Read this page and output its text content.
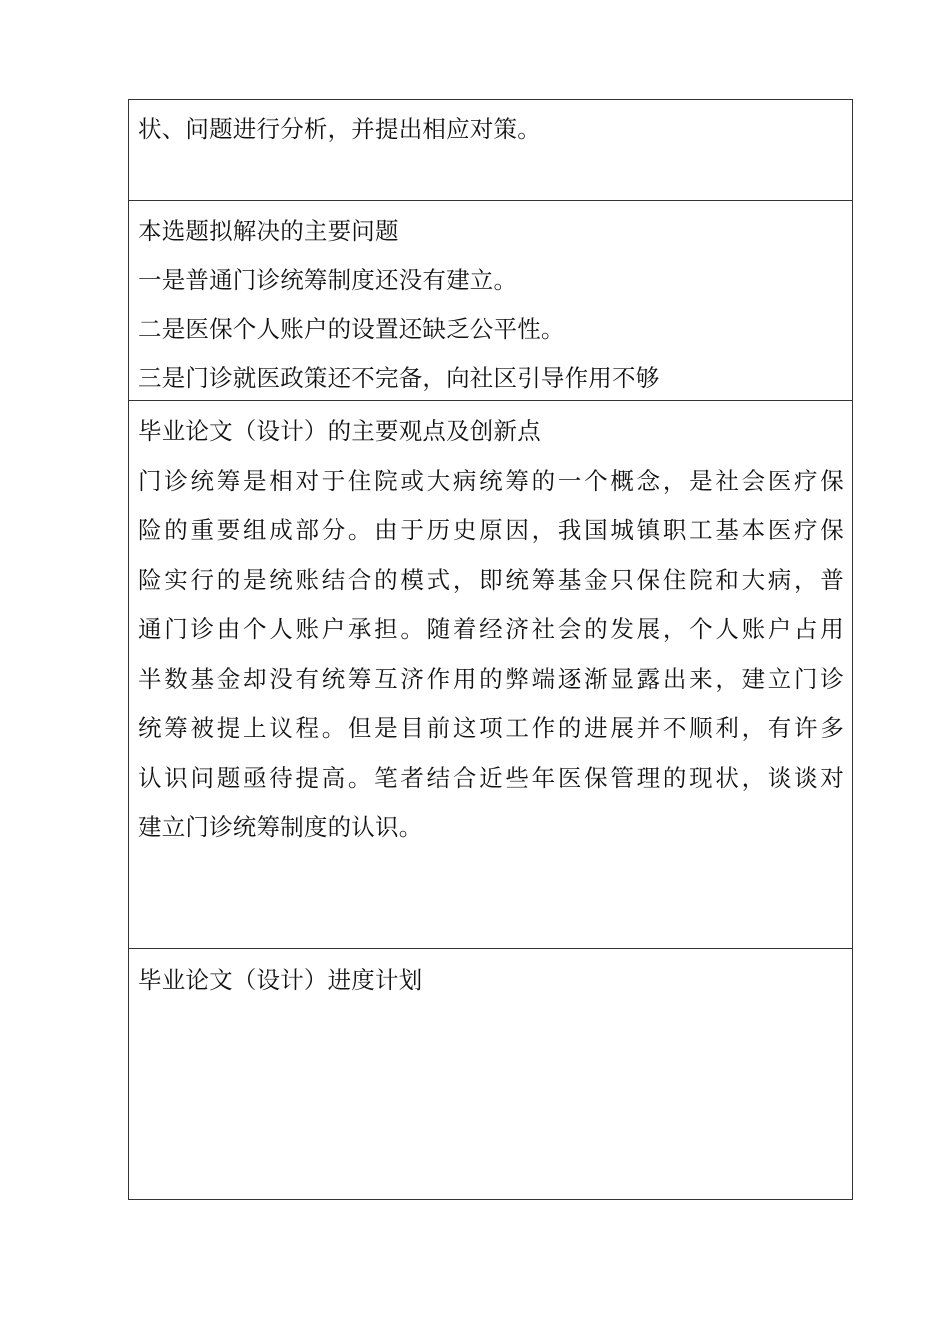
状、问题进行分析，并提出相应对策。
本选题拟解决的主要问题
一是普通门诊统筹制度还没有建立。
二是医保个人账户的设置还缺乏公平性。
三是门诊就医政策还不完备，向社区引导作用不够
毕业论文（设计）的主要观点及创新点
门诊统筹是相对于住院或大病统筹的一个概念，是社会医疗保
险的重要组成部分。由于历史原因，我国城镇职工基本医疗保
险实行的是统账结合的模式，即统筹基金只保住院和大病，普
通门诊由个人账户承担。随着经济社会的发展，个人账户占用
半数基金却没有统筹互济作用的弊端逐渐显露出来，建立门诊
统筹被提上议程。但是目前这项工作的进展并不顺利，有许多
认识问题亟待提高。笔者结合近些年医保管理的现状，谈谈对
建立门诊统筹制度的认识。
毕业论文（设计）进度计划
